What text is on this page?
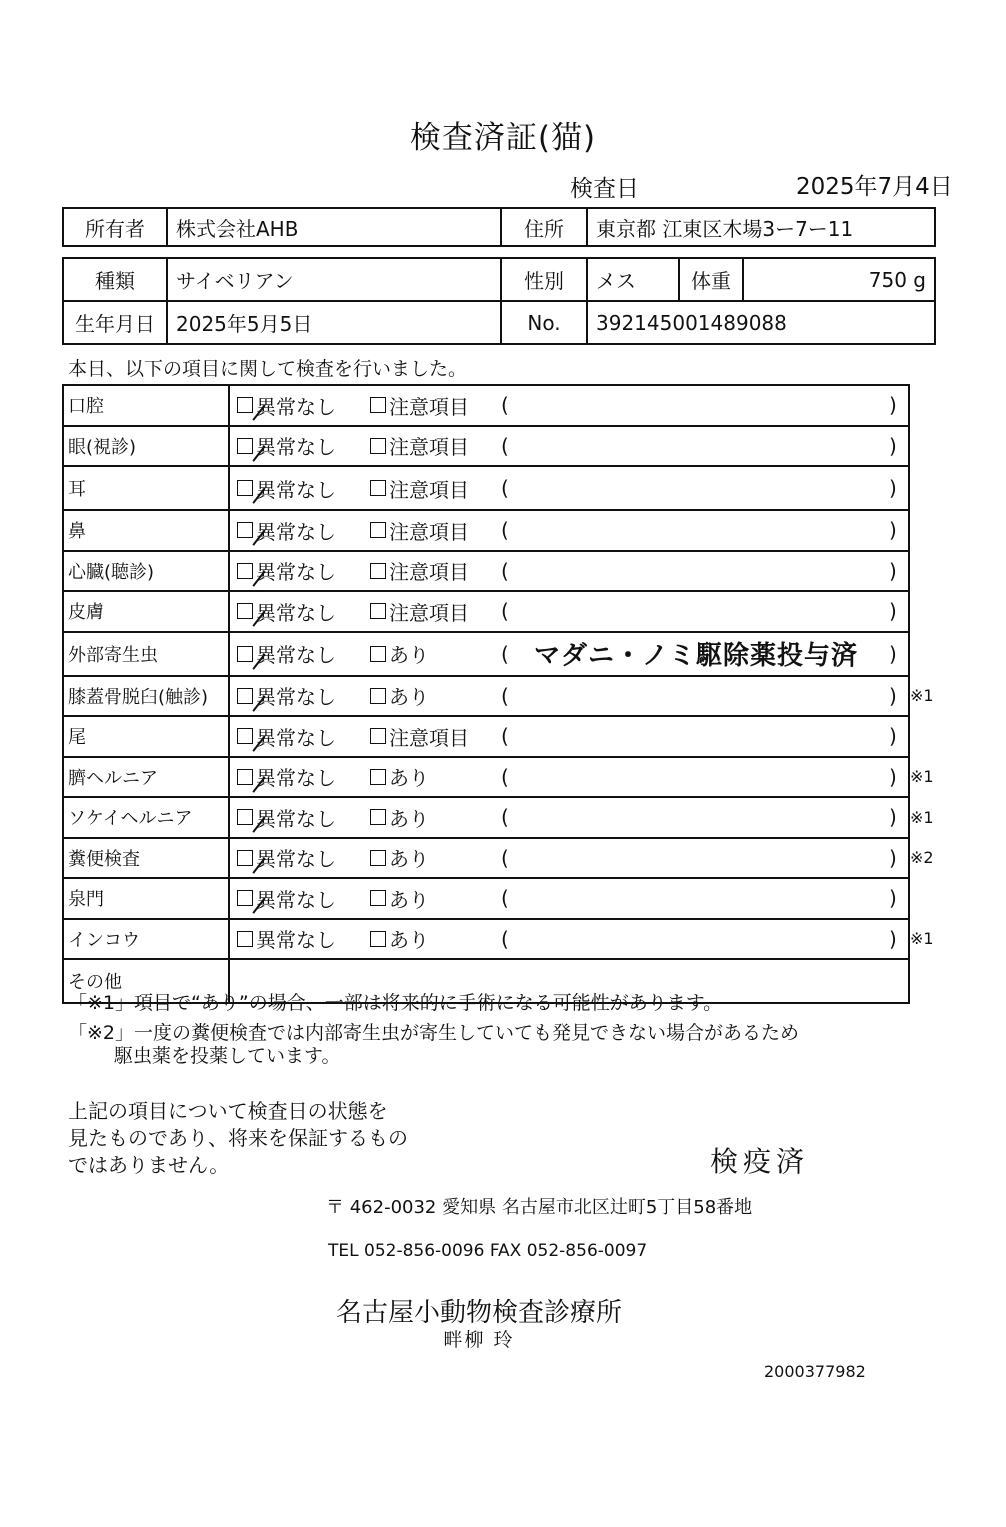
検査済証(猫)
検査日	2025年7月4日
所有者	株式会社AHB	住所	東京都 江東区木場3ー7ー11
種類	サイベリアン	性別	メス	体重	750 g
生年月日	2025年5月5日	No.	392145001489088		
本日、以下の項目に関して検査を行いました。
口腔	異常なし	注意項目 (	)
眼(視診)	異常なし	注意項目 (	)
耳	異常なし	注意項目 (	)
鼻	異常なし	注意項目 (	)
心臓(聴診)	異常なし	注意項目 (	)
皮膚	異常なし	注意項目 (	)
外部寄生虫	異常なし	あり	( マダニ・ノミ駆除薬投与済 )
膝蓋骨脱臼(触診)	異常なし	あり	(	) ※1
尾	異常なし	注意項目 (	)
臍ヘルニア	異常なし	あり	(	) ※1
ソケイヘルニア	異常なし	あり	(	) ※1
糞便検査	異常なし	あり	(	) ※2
泉門	異常なし	あり	(	)
インコウ	異常なし	あり	(	) ※1
その他
「※1」項目で“あり”の場合、一部は将来的に手術になる可能性があります。
「※2」一度の糞便検査では内部寄生虫が寄生していても発見できない場合があるため
駆虫薬を投薬しています。
上記の項目について検査日の状態を
見たものであり、将来を保証するもの
ではありません。	検疫済
〒 462-0032 愛知県 名古屋市北区辻町5丁目58番地
TEL 052-856-0096 FAX 052-856-0097
名古屋小動物検査診療所
畔柳 玲
2000377982
